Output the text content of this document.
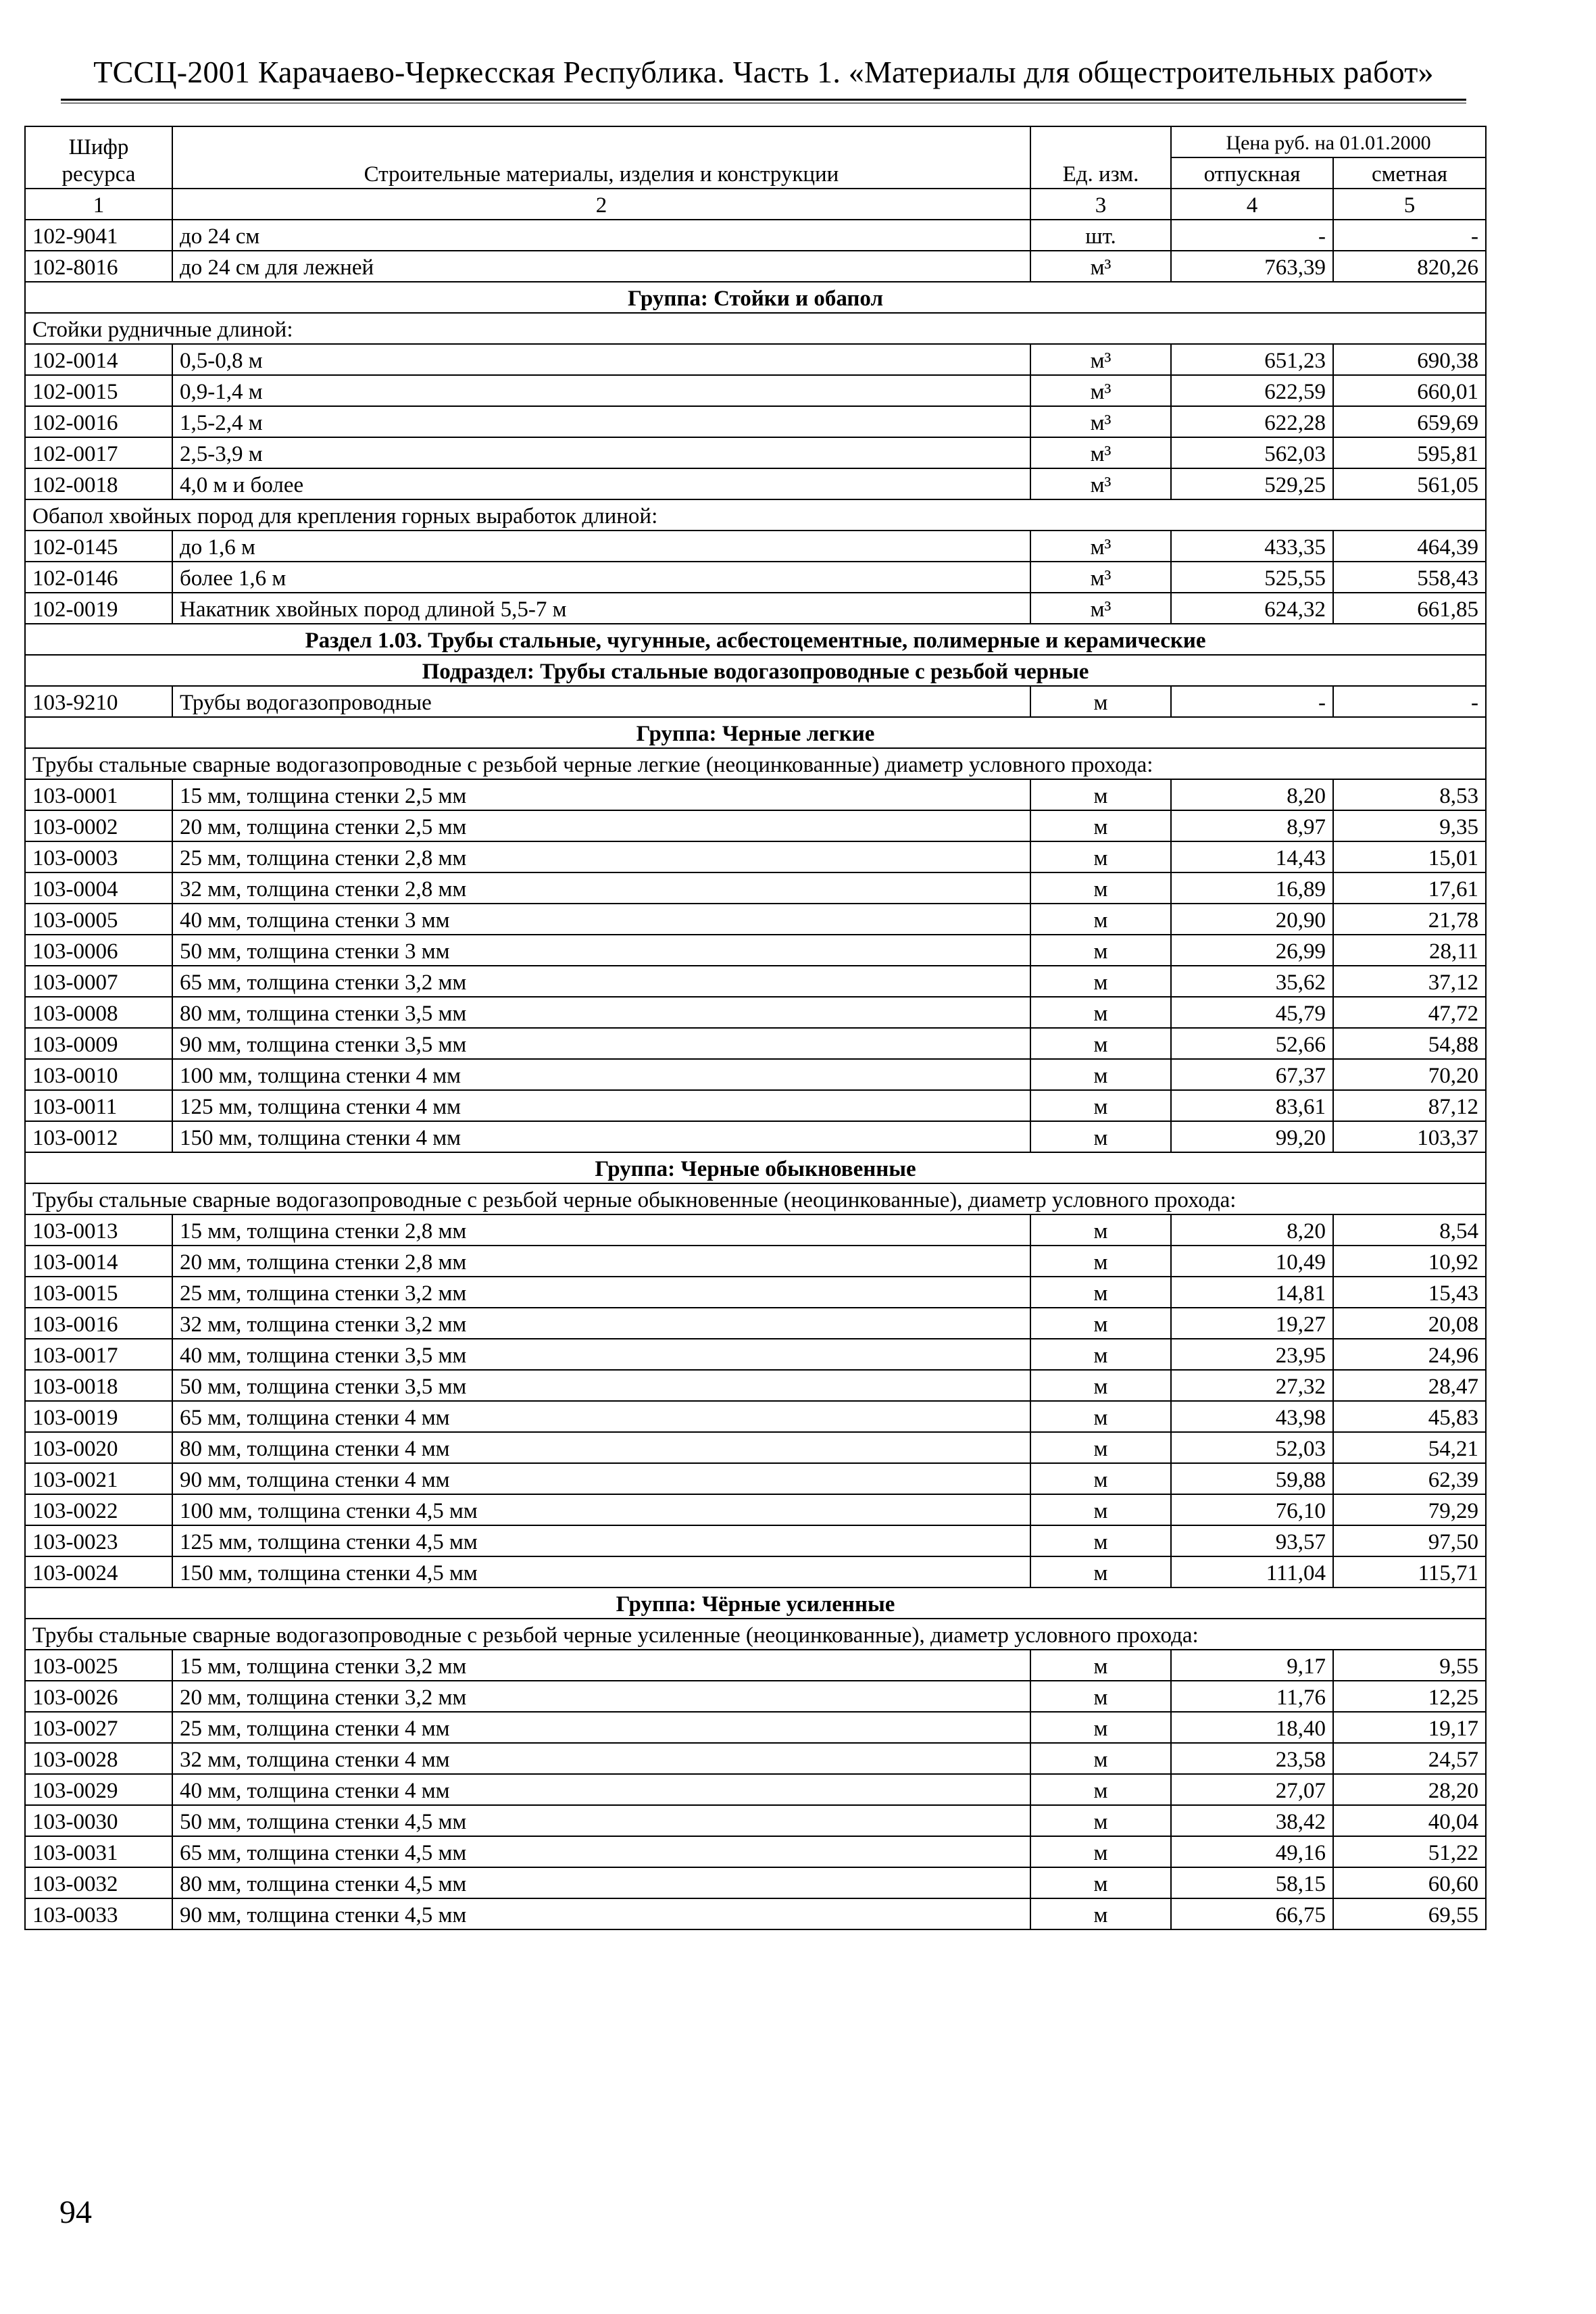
ТССЦ-2001 Карачаево-Черкесская Республика. Часть 1. «Материалы для общестроительных работ»
Шифр ресурса	Строительные материалы, изделия и конструкции	Ед. изм.	Цена руб. на 01.01.2000	
			отпускная	сметная
1	2	3	4	5
102-9041	до 24 см	шт.	-	-
102-8016	до 24 см для лежней	м³	763,39	820,26
Группа: Стойки и обапол				
Стойки рудничные длиной:				
102-0014	0,5-0,8 м	м³	651,23	690,38
102-0015	0,9-1,4 м	м³	622,59	660,01
102-0016	1,5-2,4 м	м³	622,28	659,69
102-0017	2,5-3,9 м	м³	562,03	595,81
102-0018	4,0 м и более	м³	529,25	561,05
Обапол хвойных пород для крепления горных выработок длиной:				
102-0145	до 1,6 м	м³	433,35	464,39
102-0146	более 1,6 м	м³	525,55	558,43
102-0019	Накатник хвойных пород длиной 5,5-7 м	м³	624,32	661,85
Раздел 1.03. Трубы стальные, чугунные, асбестоцементные, полимерные и керамические				
Подраздел: Трубы стальные водогазопроводные с резьбой черные				
103-9210	Трубы водогазопроводные	м	-	-
Группа: Черные легкие				
Трубы стальные сварные водогазопроводные с резьбой черные легкие (неоцинкованные) диаметр условного прохода:				
103-0001	15 мм, толщина стенки 2,5 мм	м	8,20	8,53
103-0002	20 мм, толщина стенки 2,5 мм	м	8,97	9,35
103-0003	25 мм, толщина стенки 2,8 мм	м	14,43	15,01
103-0004	32 мм, толщина стенки 2,8 мм	м	16,89	17,61
103-0005	40 мм, толщина стенки 3 мм	м	20,90	21,78
103-0006	50 мм, толщина стенки 3 мм	м	26,99	28,11
103-0007	65 мм, толщина стенки 3,2 мм	м	35,62	37,12
103-0008	80 мм, толщина стенки 3,5 мм	м	45,79	47,72
103-0009	90 мм, толщина стенки 3,5 мм	м	52,66	54,88
103-0010	100 мм, толщина стенки 4 мм	м	67,37	70,20
103-0011	125 мм, толщина стенки 4 мм	м	83,61	87,12
103-0012	150 мм, толщина стенки 4 мм	м	99,20	103,37
Группа: Черные обыкновенные				
Трубы стальные сварные водогазопроводные с резьбой черные обыкновенные (неоцинкованные), диаметр условного прохода:				
103-0013	15 мм, толщина стенки 2,8 мм	м	8,20	8,54
103-0014	20 мм, толщина стенки 2,8 мм	м	10,49	10,92
103-0015	25 мм, толщина стенки 3,2 мм	м	14,81	15,43
103-0016	32 мм, толщина стенки 3,2 мм	м	19,27	20,08
103-0017	40 мм, толщина стенки 3,5 мм	м	23,95	24,96
103-0018	50 мм, толщина стенки 3,5 мм	м	27,32	28,47
103-0019	65 мм, толщина стенки 4 мм	м	43,98	45,83
103-0020	80 мм, толщина стенки 4 мм	м	52,03	54,21
103-0021	90 мм, толщина стенки 4 мм	м	59,88	62,39
103-0022	100 мм, толщина стенки 4,5 мм	м	76,10	79,29
103-0023	125 мм, толщина стенки 4,5 мм	м	93,57	97,50
103-0024	150 мм, толщина стенки 4,5 мм	м	111,04	115,71
Группа: Чёрные усиленные				
Трубы стальные сварные водогазопроводные с резьбой черные усиленные (неоцинкованные), диаметр условного прохода:				
103-0025	15 мм, толщина стенки 3,2 мм	м	9,17	9,55
103-0026	20 мм, толщина стенки 3,2 мм	м	11,76	12,25
103-0027	25 мм, толщина стенки 4 мм	м	18,40	19,17
103-0028	32 мм, толщина стенки 4 мм	м	23,58	24,57
103-0029	40 мм, толщина стенки 4 мм	м	27,07	28,20
103-0030	50 мм, толщина стенки 4,5 мм	м	38,42	40,04
103-0031	65 мм, толщина стенки 4,5 мм	м	49,16	51,22
103-0032	80 мм, толщина стенки 4,5 мм	м	58,15	60,60
103-0033	90 мм, толщина стенки 4,5 мм	м	66,75	69,55
94
